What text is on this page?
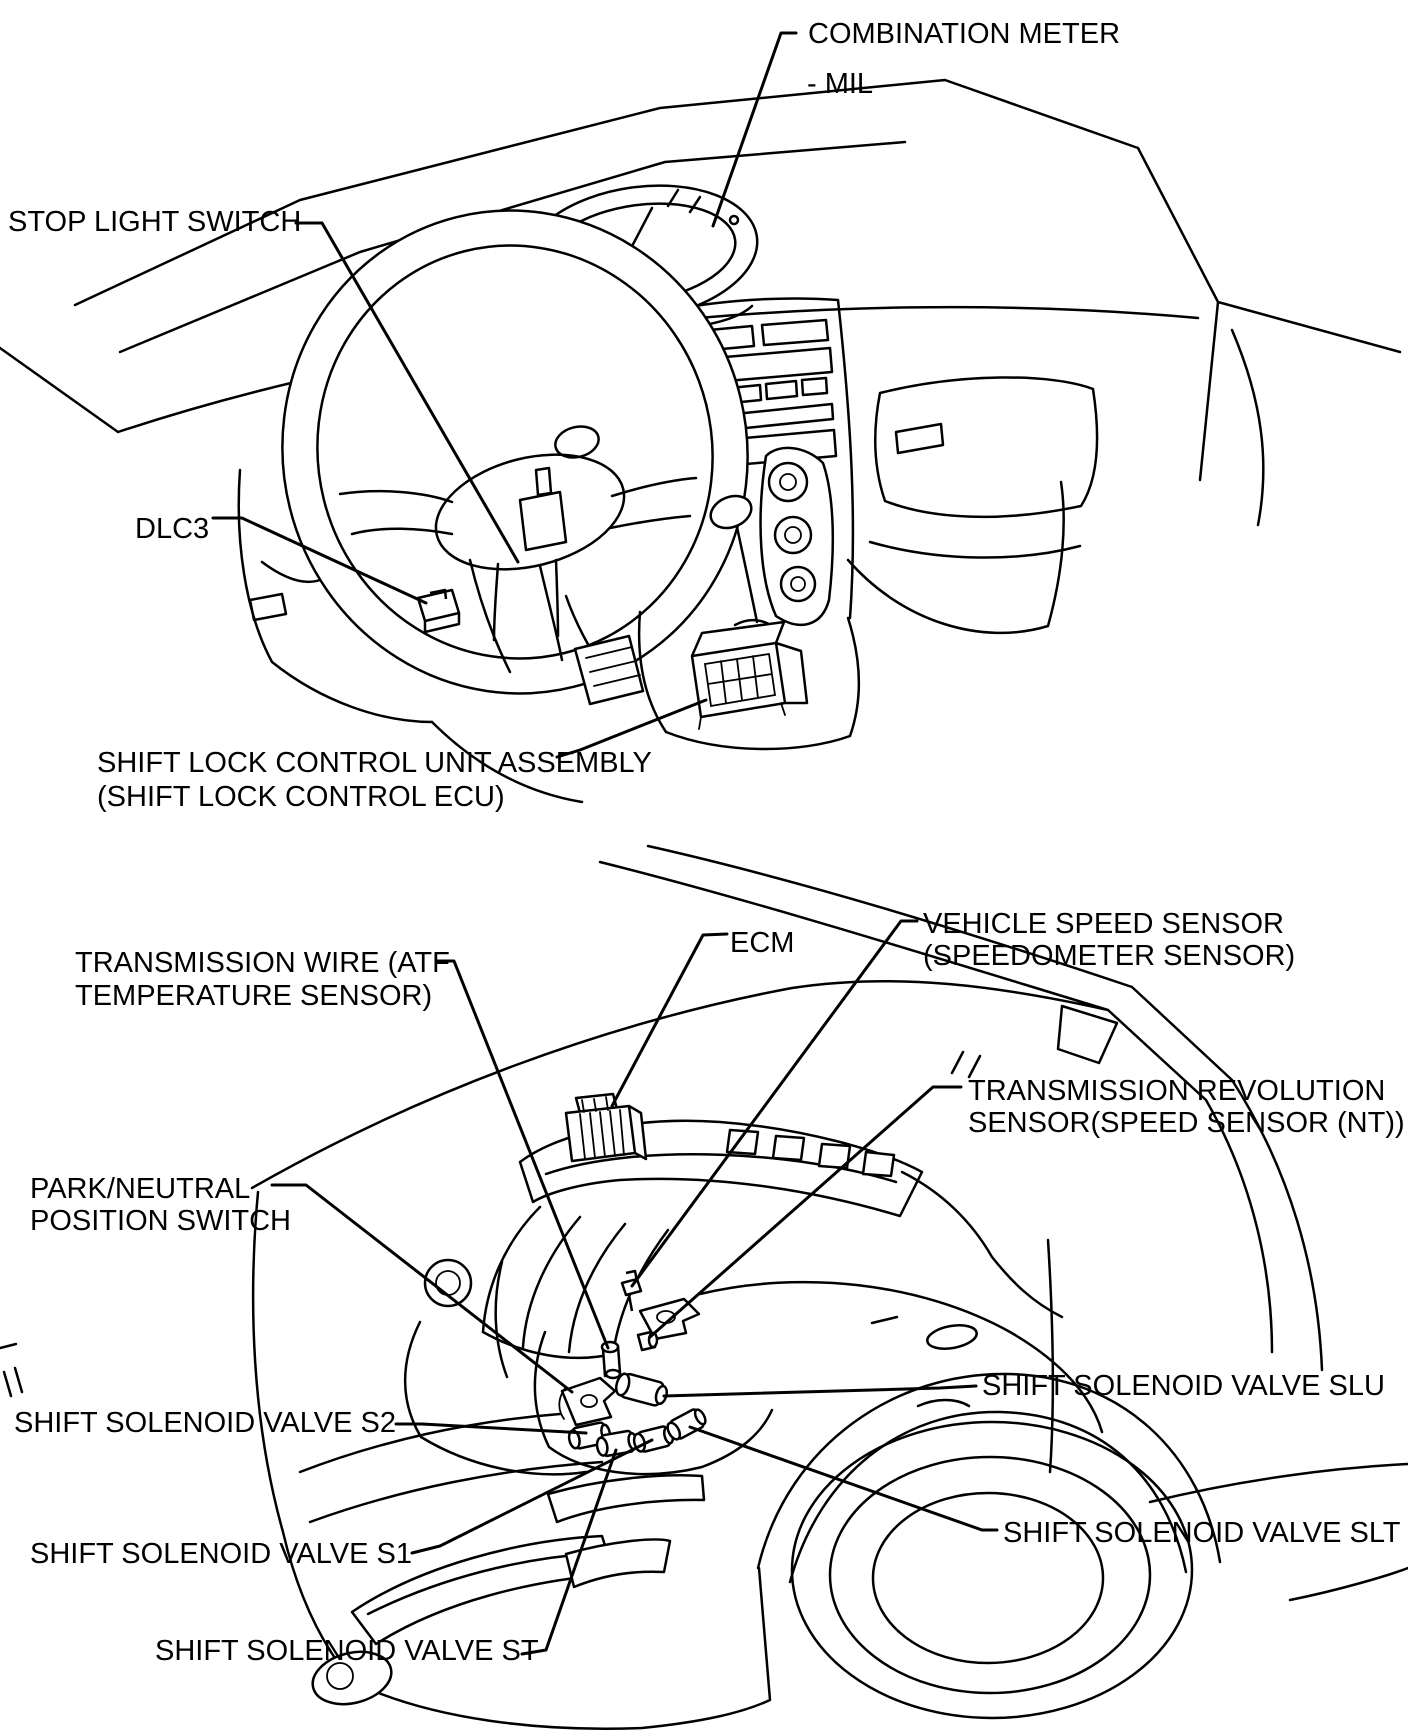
COMBINATION METER
- MIL
STOP LIGHT SWITCH
DLC3
SHIFT LOCK CONTROL UNIT ASSEMBLY
(SHIFT LOCK CONTROL ECU)
TRANSMISSION WIRE (ATF
TEMPERATURE SENSOR)
ECM
VEHICLE SPEED SENSOR
(SPEEDOMETER SENSOR)
TRANSMISSION REVOLUTION
SENSOR(SPEED SENSOR (NT))
PARK/NEUTRAL
POSITION SWITCH
SHIFT SOLENOID VALVE SLU
SHIFT SOLENOID VALVE S2
SHIFT SOLENOID VALVE S1
SHIFT SOLENOID VALVE SLT
SHIFT SOLENOID VALVE ST
